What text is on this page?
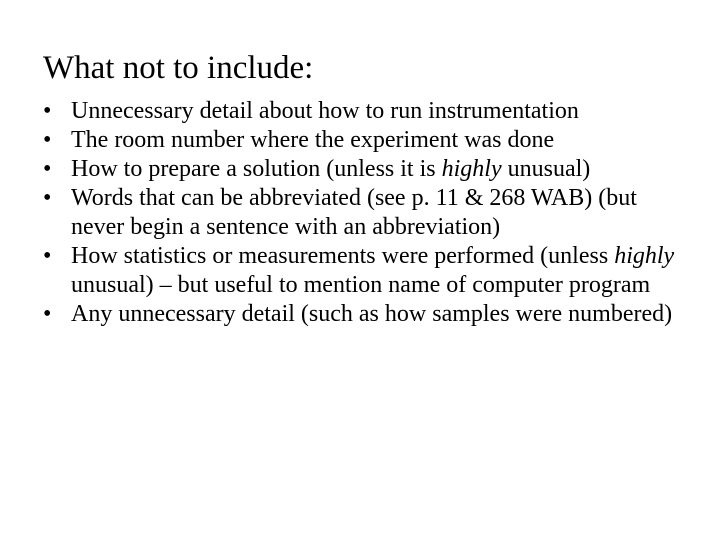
What not to include:
• Unnecessary detail about how to run instrumentation
• The room number where the experiment was done
• How to prepare a solution (unless it is highly unusual)
• Words that can be abbreviated (see p. 11 & 268 WAB) (but never begin a sentence with an abbreviation)
• How statistics or measurements were performed (unless highly  unusual) – but useful to mention name of computer program
• Any unnecessary detail (such as how samples were numbered)
